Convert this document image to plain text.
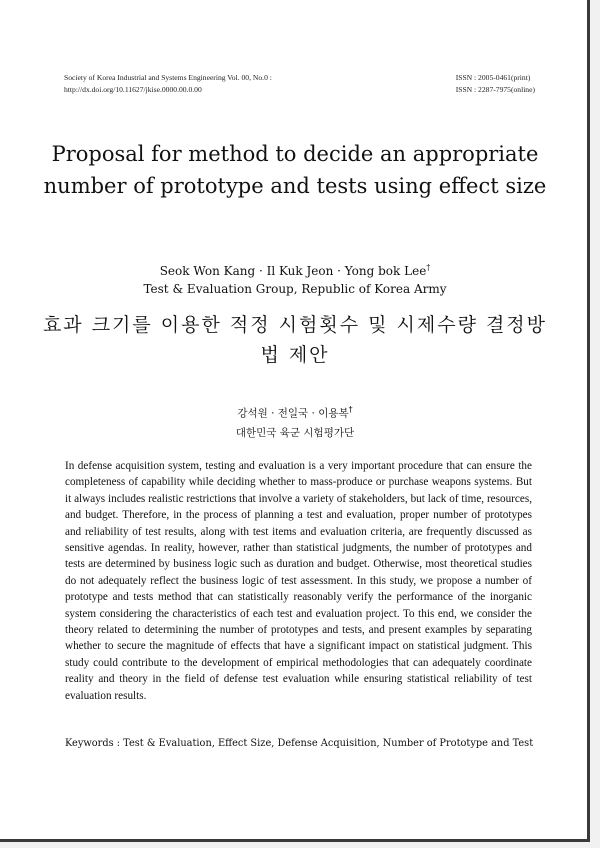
Society of Korea Industrial and Systems Engineering Vol. 00, No.0 :
http://dx.doi.org/10.11627/jkise.0000.00.0.00
ISSN : 2005-0461(print)
ISSN : 2287-7975(online)
Proposal for method to decide an appropriate number of prototype and tests using effect size
Seok Won Kang · Il Kuk Jeon · Yong bok Lee†
Test & Evaluation Group, Republic of Korea Army
효과 크기를 이용한 적정 시험횟수 및 시제수량 결정방법 제안
강석원 · 전일국 · 이용복†
대한민국 육군 시험평가단
In defense acquisition system, testing and evaluation is a very important procedure that can ensure the completeness of capability while deciding whether to mass-produce or purchase weapons systems. But it always includes realistic restrictions that involve a variety of stakeholders, but lack of time, resources, and budget. Therefore, in the process of planning a test and evaluation, proper number of prototypes and reliability of test results, along with test items and evaluation criteria, are frequently discussed as sensitive agendas. In reality, however, rather than statistical judgments, the number of prototypes and tests are determined by business logic such as duration and budget. Otherwise, most theoretical studies do not adequately reflect the business logic of test assessment. In this study, we propose a number of prototype and tests method that can statistically reasonably verify the performance of the inorganic system considering the characteristics of each test and evaluation project. To this end, we consider the theory related to determining the number of prototypes and tests, and present examples by separating whether to secure the magnitude of effects that have a significant impact on statistical judgment. This study could contribute to the development of empirical methodologies that can adequately coordinate reality and theory in the field of defense test evaluation while ensuring statistical reliability of test evaluation results.
Keywords : Test & Evaluation, Effect Size, Defense Acquisition, Number of Prototype and Test
